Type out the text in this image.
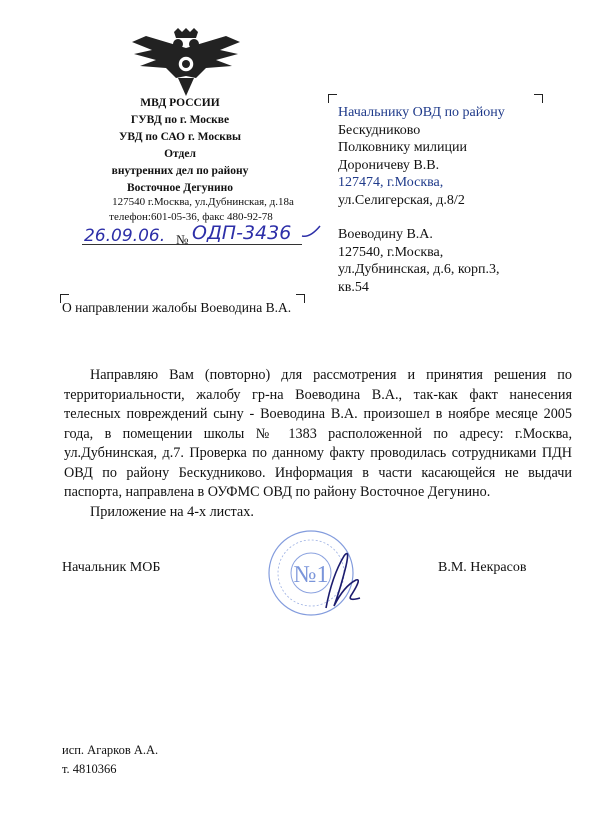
МВД РОССИИ
ГУВД по г. Москве
УВД по САО г. Москвы
Отдел
внутренних дел по району
Восточное Дегунино
127540 г.Москва, ул.Дубнинская, д.18а
телефон:601-05-36, факс 480-92-78
26.09.06. № ОДП-3436
Начальнику ОВД по району
Бескудниково
Полковнику милиции
Дороничеву В.В.
127474, г.Москва,
ул.Селигерская, д.8/2
Воеводину В.А.
127540, г.Москва,
ул.Дубнинская, д.6, корп.3,
кв.54
О направлении жалобы Воеводина В.А.

Направляю Вам (повторно) для рассмотрения и принятия решения по территориальности, жалобу гр-на Воеводина В.А., так-как факт нанесения телесных повреждений сыну - Воеводина В.А. произошел в ноябре месяце 2005 года, в помещении школы № 1383 расположенной по адресу: г.Москва, ул.Дубнинская, д.7. Проверка по данному факту проводилась сотрудниками ПДН ОВД по району Бескудниково. Информация в части касающейся не выдачи паспорта, направлена в ОУФМС ОВД по району Восточное Дегунино.

Приложение на 4-х листах.

№1
Начальник МОБ	В.М. Некрасов
исп. Агарков А.А.
т. 4810366
